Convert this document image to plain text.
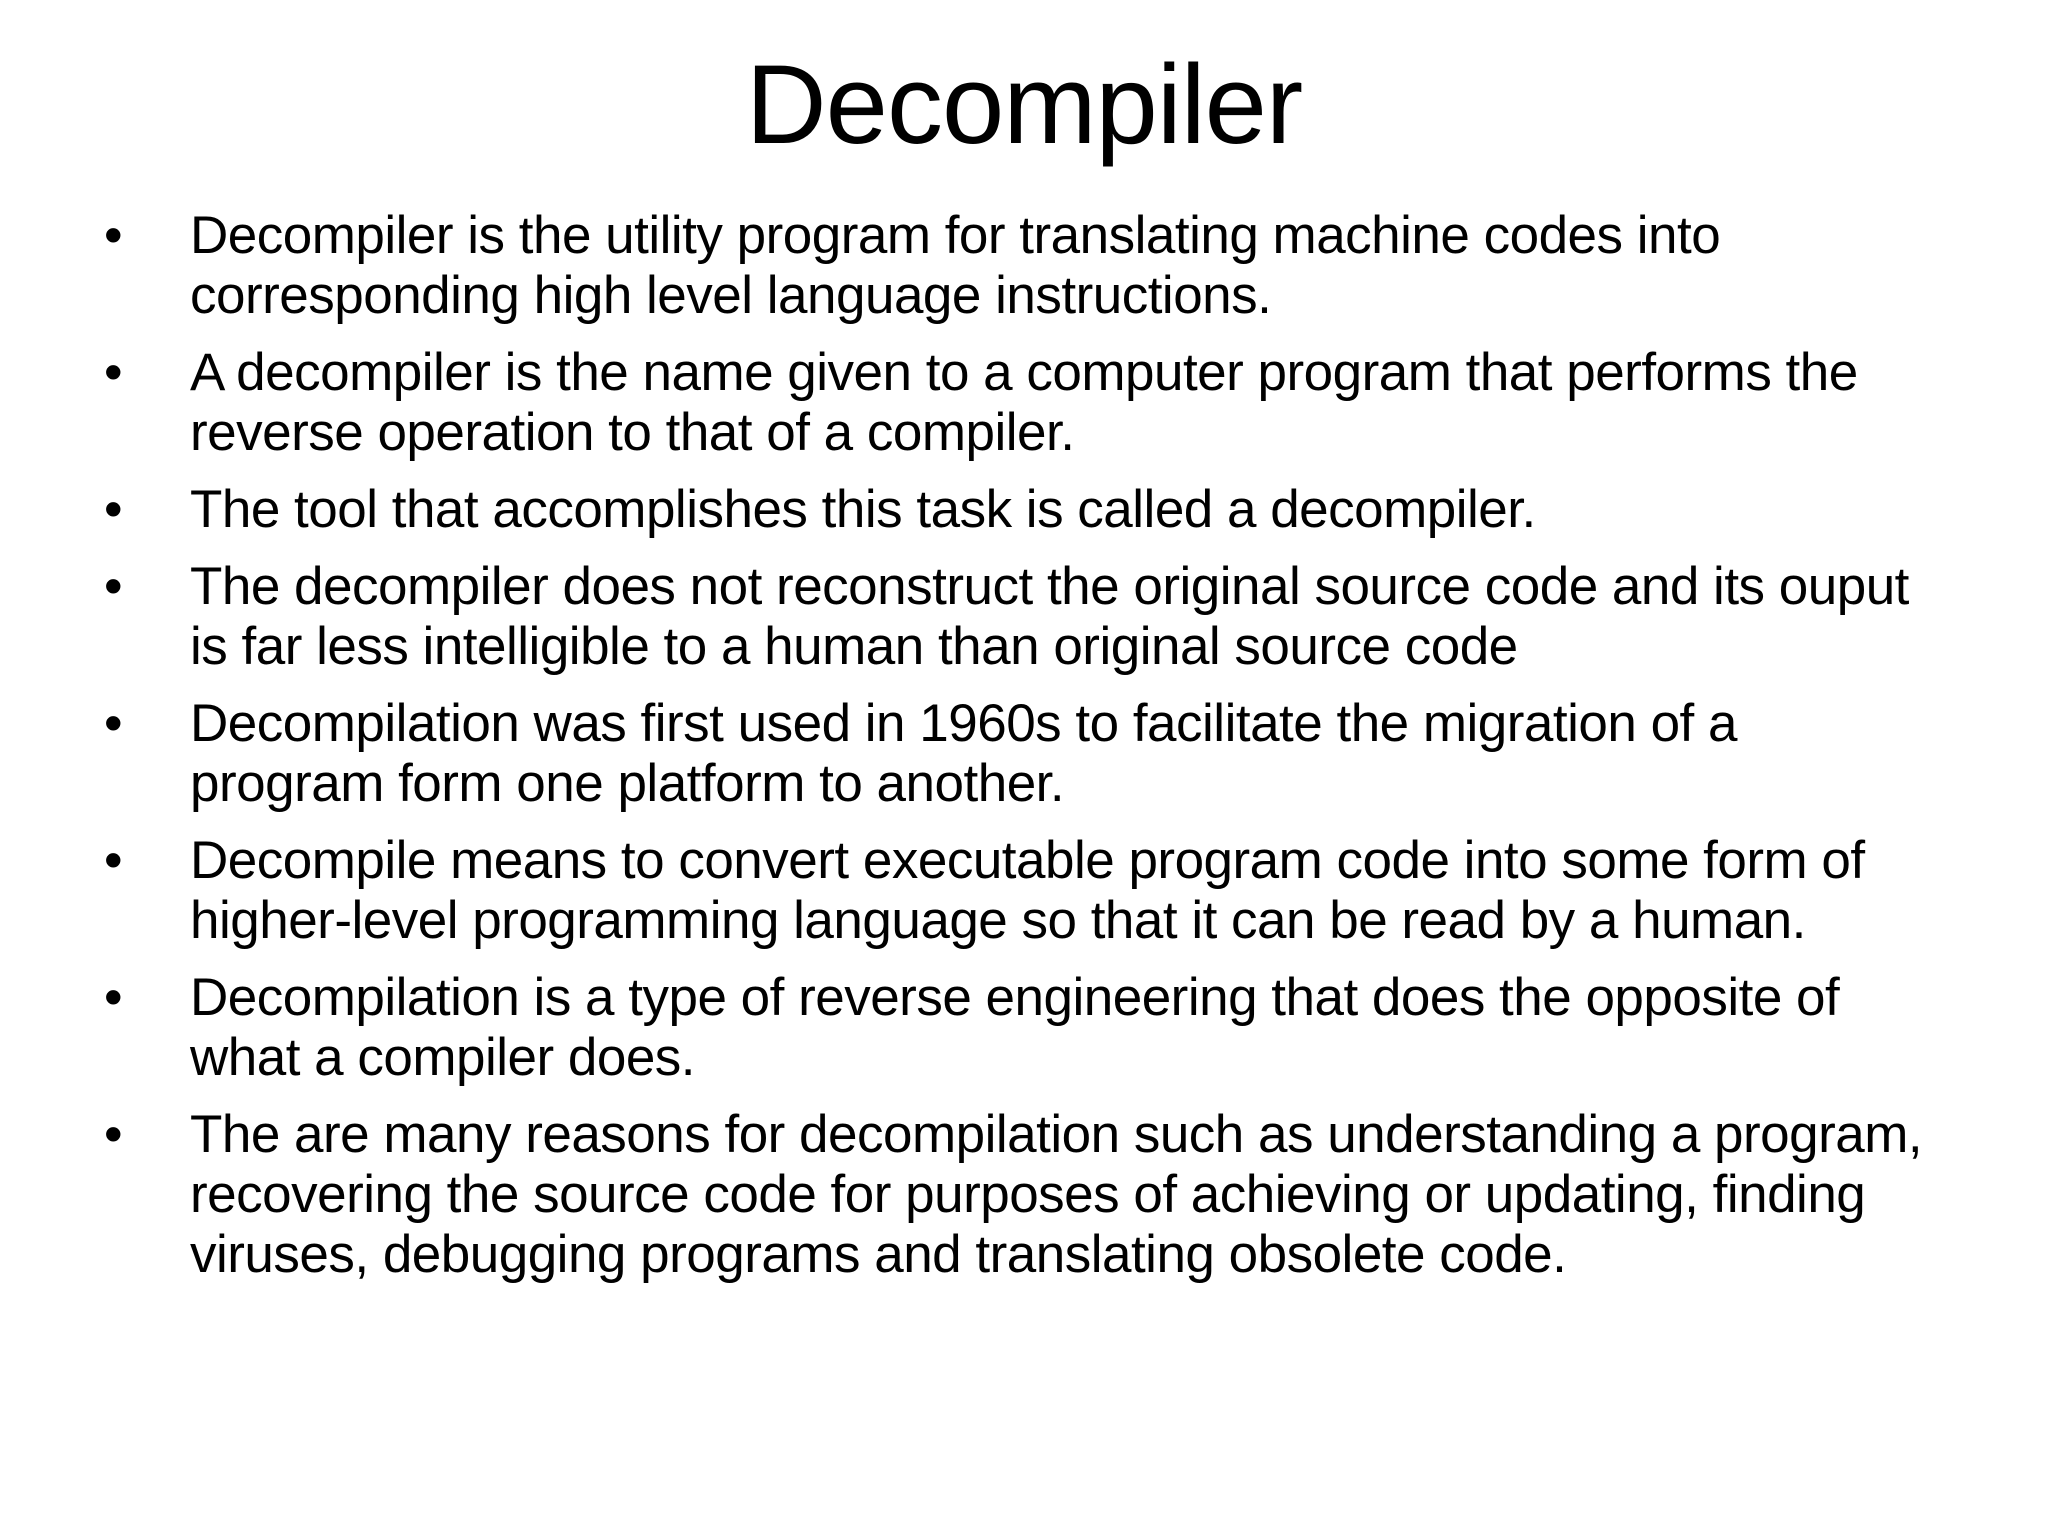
Decompiler
•	Decompiler is the utility program for translating machine codes into corresponding high level language instructions.
•	A decompiler is the name given to a computer program that performs the reverse operation to that of a compiler.
•	The tool that accomplishes this task is called a decompiler.
•	The decompiler does not reconstruct the original source code and its ouput is far less intelligible to a human than original source code
•	Decompilation was first used in 1960s to facilitate the migration of a program form one platform to another.
•	Decompile means to convert executable program code into some form of higher-level programming language so that it can be read by a human.
•	Decompilation is a type of reverse engineering that does the opposite of what a compiler does.
•	The are many reasons for decompilation such as understanding a program, recovering the source code for purposes of achieving or updating, finding viruses, debugging programs and translating obsolete code.
